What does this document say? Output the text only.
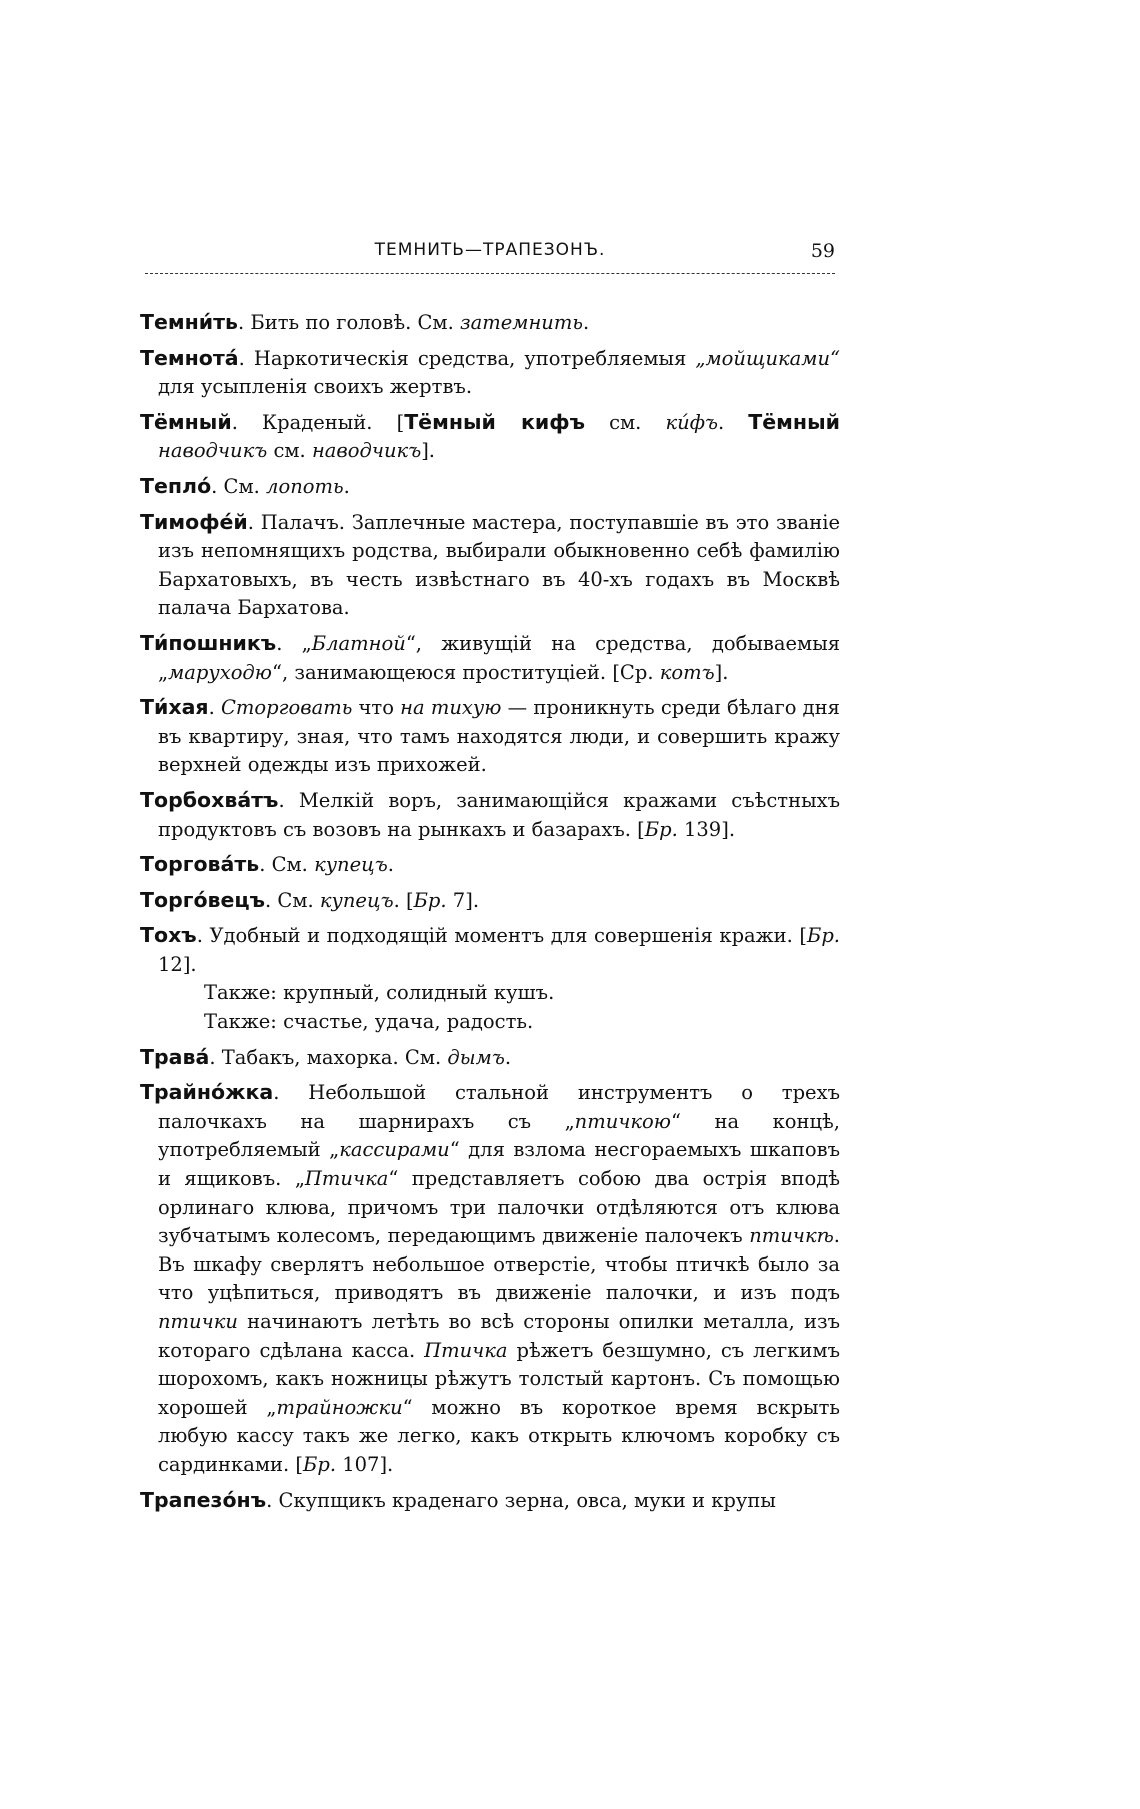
ТЕМНИТЬ—ТРАПЕЗОНЪ.	59

Темни́ть. Бить по головѣ. См. затемнить.

Темнота́. Наркотическія средства, употребляемыя „мойщиками“ для усыпленія своихъ жертвъ.

Тёмный. Краденый. [Тёмный кифъ см. ки́фъ. Тёмный наводчикъ см. наводчикъ].

Тепло́. См. лопоть.

Тимофе́й. Палачъ. Заплечные мастера, поступавшіе въ это званіе изъ непомнящихъ родства, выбирали обыкновенно себѣ фамилію Бархатовыхъ, въ честь извѣстнаго въ 40-хъ годахъ въ Москвѣ палача Бархатова.

Ти́пошникъ. „Блатной“, живущій на средства, добываемыя „маруходю“, занимающеюся проституціей. [Ср. котъ].

Ти́хая. Сторговать что на тихую — проникнуть среди бѣлаго дня въ квартиру, зная, что тамъ находятся люди, и совершить кражу верхней одежды изъ прихожей.

Торбохва́тъ. Мелкій воръ, занимающійся кражами съѣстныхъ продуктовъ съ возовъ на рынкахъ и базарахъ. [Бр. 139].

Торгова́ть. См. купецъ.

Торго́вецъ. См. купецъ. [Бр. 7].

Тохъ. Удобный и подходящій моментъ для совершенія кражи. [Бр. 12].

Также: крупный, солидный кушъ.

Также: счастье, удача, радость.

Трава́. Табакъ, махорка. См. дымъ.

Трайно́жка. Небольшой стальной инструментъ о трехъ палочкахъ на шарнирахъ съ „птичкою“ на концѣ, употребляемый „кассирами“ для взлома несгораемыхъ шкаповъ и ящиковъ. „Птичка“ представляетъ собою два острія вподѣ орлинаго клюва, причомъ три палочки отдѣляются отъ клюва зубчатымъ колесомъ, передающимъ движеніе палочекъ птичкѣ. Въ шкафу сверлятъ небольшое отверстіе, чтобы птичкѣ было за что уцѣпиться, приводятъ въ движеніе палочки, и изъ подъ птички начинаютъ летѣть во всѣ стороны опилки металла, изъ котораго сдѣлана касса. Птичка рѣжетъ безшумно, съ легкимъ шорохомъ, какъ ножницы рѣжутъ толстый картонъ. Съ помощью хорошей „трайножки“ можно въ короткое время вскрыть любую кассу такъ же легко, какъ открыть ключомъ коробку съ сардинками. [Бр. 107].

Трапезо́нъ. Скупщикъ краденаго зерна, овса, муки и крупы
